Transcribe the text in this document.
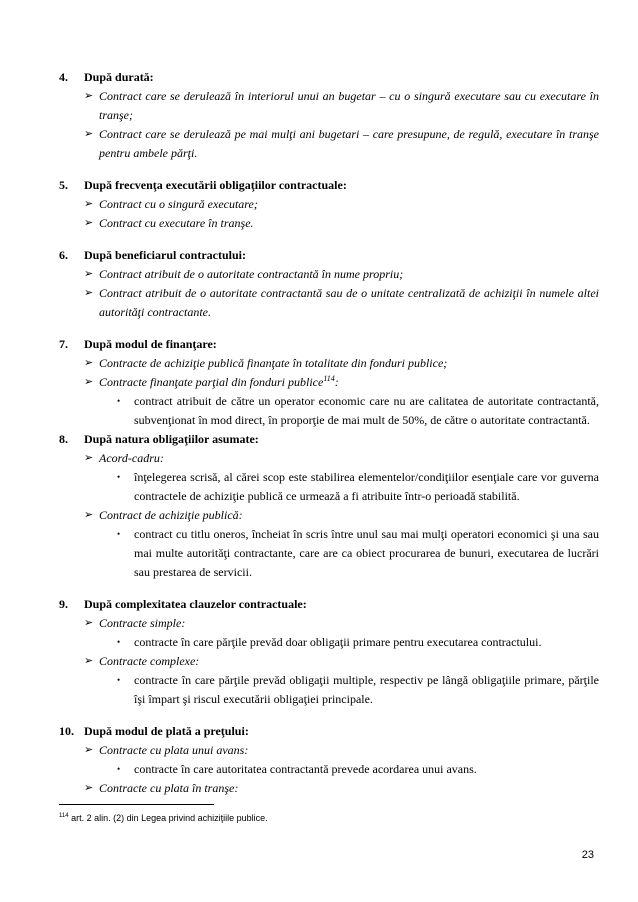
4.	După durată:
➢ Contract care se derulează în interiorul unui an bugetar – cu o singură executare sau cu executare în tranşe;
➢ Contract care se derulează pe mai mulţi ani bugetari – care presupune, de regulă, executare în tranşe pentru ambele părţi.
5.	După frecvenţa executării obligaţiilor contractuale:
➢ Contract cu o singură executare;
➢ Contract cu executare în tranşe.
6.	După beneficiarul contractului:
➢ Contract atribuit de o autoritate contractantă în nume propriu;
➢ Contract atribuit de o autoritate contractantă sau de o unitate centralizată de achiziţii în numele altei autorităţi contractante.
7.	După modul de finanţare:
➢ Contracte de achiziţie publică finanţate în totalitate din fonduri publice;
➢ Contracte finanţate parţial din fonduri publice$^{114}$:
•	contract atribuit de către un operator economic care nu are calitatea de autoritate contractantă, subvenţionat în mod direct, în proporţie de mai mult de 50%, de către o autoritate contractantă.
8.	După natura obligaţiilor asumate:
➢ Acord-cadru:
•	înţelegerea scrisă, al cărei scop este stabilirea elementelor/condiţiilor esenţiale care vor guverna contractele de achiziţie publică ce urmează a fi atribuite într-o perioadă stabilită.
➢ Contract de achiziţie publică:
•	contract cu titlu oneros, încheiat în scris între unul sau mai mulţi operatori economici şi una sau mai multe autorităţi contractante, care are ca obiect procurarea de bunuri, executarea de lucrări sau prestarea de servicii.
9.	După complexitatea clauzelor contractuale:
➢ Contracte simple:
•	contracte în care părţile prevăd doar obligaţii primare pentru executarea contractului.
➢ Contracte complexe:
•	contracte în care părţile prevăd obligaţii multiple, respectiv pe lângă obligaţiile primare, părţile îşi împart şi riscul executării obligaţiei principale.
10. După modul de plată a preţului:
➢ Contracte cu plata unui avans:
•	contracte în care autoritatea contractantă prevede acordarea unui avans.
➢ Contracte cu plata în tranşe:
$^{114}$ art. 2 alin. (2) din Legea privind achiziţiile publice.
23
